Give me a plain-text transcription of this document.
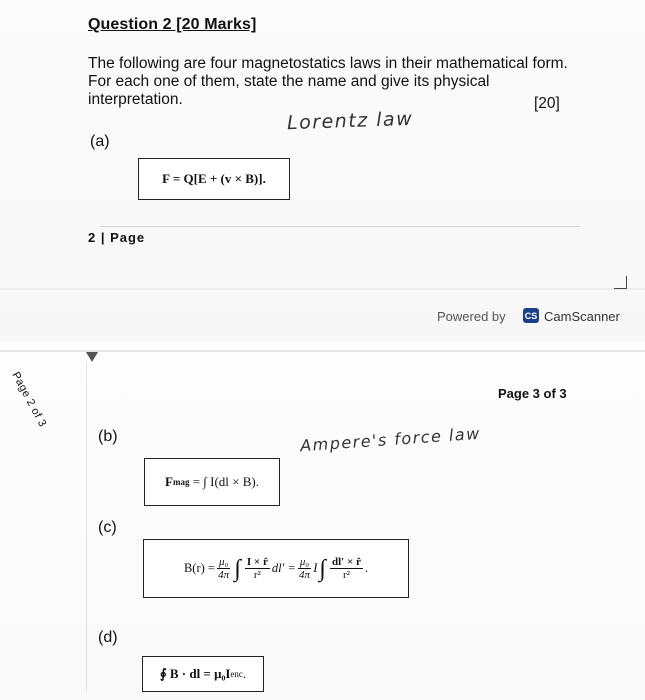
Question 2 [20 Marks]
The following are four magnetostatics laws in their mathematical form. For each one of them, state the name and give its physical interpretation.	[20]
Lorentz law
(a)
F = Q[E + (v × B)].
2 | Page
Powered by CS CamScanner
Page 2 of 3	Page 3 of 3
(b)	Ampere's force law
F mag
= ∫ I(dl × B).
(c)
$B(r) = \frac{\text{μ₀}}{4\pi}$ ∫ $\frac{I \times r̂}{\text{r²}} dl' = \frac{\text{μ₀}}{4\pi}$ I ∫ $\frac{dl' \times r̂}{\text{r²}}$ .
(d)
∮ B · dl = μ₀I enc .
